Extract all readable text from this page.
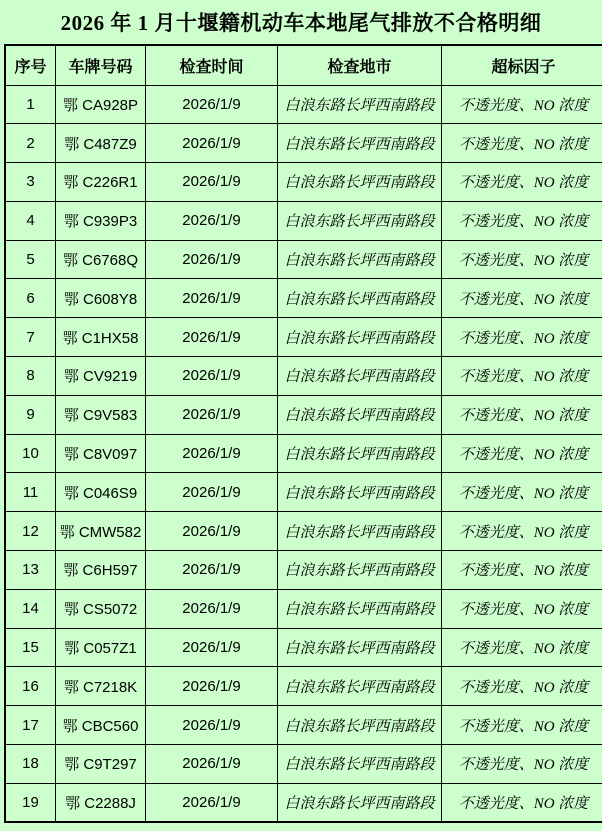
2026 年 1 月十堰籍机动车本地尾气排放不合格明细
序号	车牌号码	检查时间	检查地市	超标因子
1	鄂 CA928P	2026/1/9	白浪东路长坪西南路段	不透光度、NO 浓度
2	鄂 C487Z9	2026/1/9	白浪东路长坪西南路段	不透光度、NO 浓度
3	鄂 C226R1	2026/1/9	白浪东路长坪西南路段	不透光度、NO 浓度
4	鄂 C939P3	2026/1/9	白浪东路长坪西南路段	不透光度、NO 浓度
5	鄂 C6768Q	2026/1/9	白浪东路长坪西南路段	不透光度、NO 浓度
6	鄂 C608Y8	2026/1/9	白浪东路长坪西南路段	不透光度、NO 浓度
7	鄂 C1HX58	2026/1/9	白浪东路长坪西南路段	不透光度、NO 浓度
8	鄂 CV9219	2026/1/9	白浪东路长坪西南路段	不透光度、NO 浓度
9	鄂 C9V583	2026/1/9	白浪东路长坪西南路段	不透光度、NO 浓度
10	鄂 C8V097	2026/1/9	白浪东路长坪西南路段	不透光度、NO 浓度
11	鄂 C046S9	2026/1/9	白浪东路长坪西南路段	不透光度、NO 浓度
12	鄂 CMW582	2026/1/9	白浪东路长坪西南路段	不透光度、NO 浓度
13	鄂 C6H597	2026/1/9	白浪东路长坪西南路段	不透光度、NO 浓度
14	鄂 CS5072	2026/1/9	白浪东路长坪西南路段	不透光度、NO 浓度
15	鄂 C057Z1	2026/1/9	白浪东路长坪西南路段	不透光度、NO 浓度
16	鄂 C7218K	2026/1/9	白浪东路长坪西南路段	不透光度、NO 浓度
17	鄂 CBC560	2026/1/9	白浪东路长坪西南路段	不透光度、NO 浓度
18	鄂 C9T297	2026/1/9	白浪东路长坪西南路段	不透光度、NO 浓度
19	鄂 C2288J	2026/1/9	白浪东路长坪西南路段	不透光度、NO 浓度
